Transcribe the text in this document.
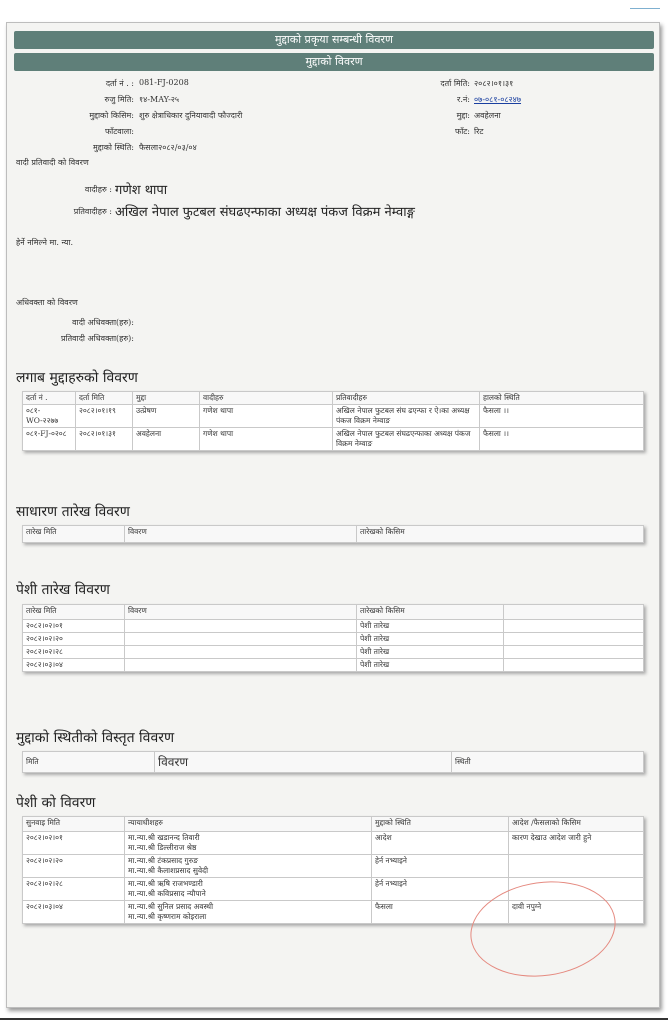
मुद्दाको प्रकृया सम्बन्धी विवरण
मुद्दाको विवरण
दर्ता नं . : 081-FJ-0208
रुजु मिति: १४-MAY-२५
मुद्दाको किसिम: शुरु क्षेत्राधिकार दुनियावादी फौज्दारी
फाँटवाला:
मुद्दाको स्थिति: फैसला२०८२/०३/०४
दर्ता मिति: २०८२।०१।३१
र.नं: ०७-०८१-०८२४७
मुद्दा: अवहेलना
फाँट: रिट
वादी प्रतिवादी को विवरण
वादीहरु : गणेश थापा
प्रतिवादीहरु : अखिल नेपाल फुटबल संघढएन्फाका अध्यक्ष पंकज विक्रम नेम्वाङ्ग
हेर्ने नमिल्ने मा. न्या.
अधिवक्ता को विवरण
वादी अधिवक्ता(हरु):
प्रतिवादी अधिवक्ता(हरु):
लगाब मुद्दाहरुको विवरण
दर्ता नं .	दर्ता मिति	मुद्दा	वादीहरु	प्रतिवादीहरु	हालको स्थिति
०८१-WO-२२७७	२०८२।०१।१९	उत्प्रेषण	गणेश थापा	अखिल नेपाल फुटबल संघ ढएन्फा र ऐ।का अध्यक्ष पंकज विक्रम नेम्वाङ	फैसला ।।
०८१-FJ-०२०८	२०८२।०१।३१	अवहेलना	गणेश थापा	अखिल नेपाल फुटबल संघढएन्फाका अध्यक्ष पंकज विक्रम नेम्वाङ	फैसला ।।
साधारण तारेख विवरण
तारेख मिति	विवरण	तारेखको किसिम
पेशी तारेख विवरण
तारेख मिति	विवरण	तारेखको किसिम	
२०८२।०२।०१		पेशी तारेख	
२०८२।०२।२०		पेशी तारेख	
२०८२।०२।२८		पेशी तारेख	
२०८२।०३।०४		पेशी तारेख	
मुद्दाको स्थितीको विस्तृत विवरण
मिति	विवरण	स्थिती
पेशी को विवरण
सुनवाइ मिति	न्यायाधीशहरु	मुद्दाको स्थिति	आदेश /फैसलाको किसिम
२०८२।०२।०१	मा.न्या.श्री खडानन्द तिवारी
मा.न्या.श्री डिल्लीराज श्रेष्ठ	आदेश	कारण देखाउ आदेश जारी हुने
२०८२।०२।२०	मा.न्या.श्री टंकप्रसाद गुरुङ
मा.न्या.श्री कैलाशप्रसाद सुवेदी	हेर्न नभ्याइने	
२०८२।०२।२८	मा.न्या.श्री ऋषि राजभण्डारी
मा.न्या.श्री कविप्रसाद न्यौपाने	हेर्न नभ्याइने	
२०८२।०३।०४	मा.न्या.श्री सुनिल प्रसाद अवस्थी
मा.न्या.श्री कृष्णराम कोइराला	फैसला	दावी नपुग्ने
